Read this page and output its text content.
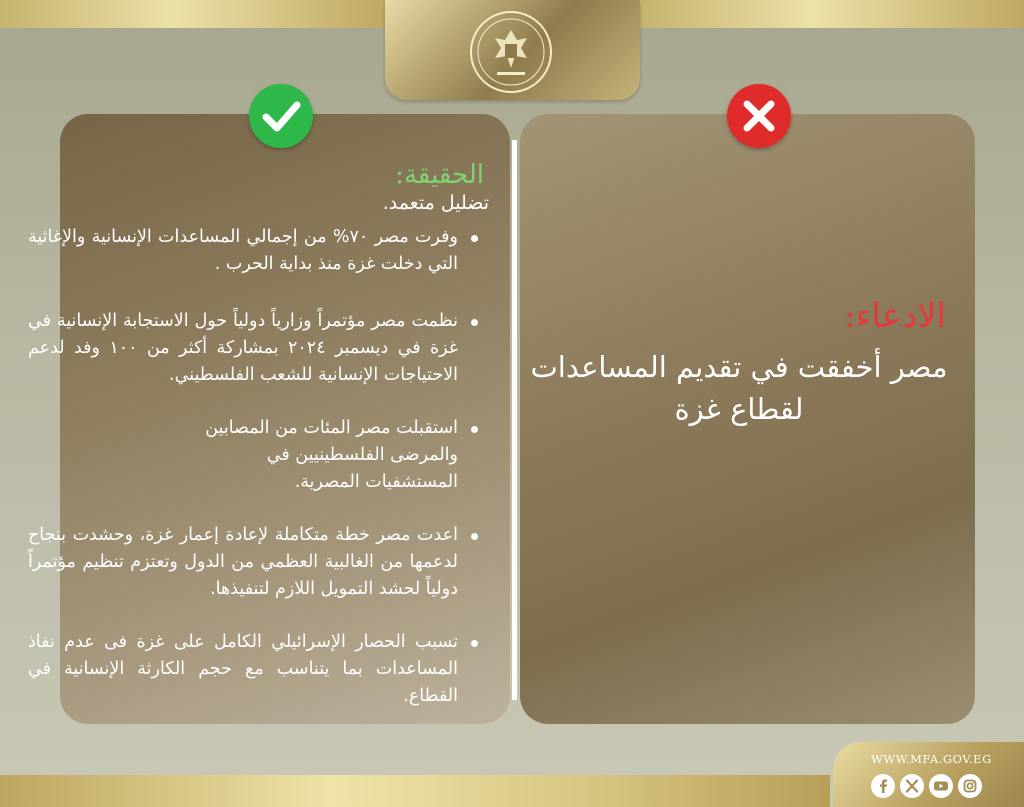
الحقيقة:
تضليل متعمد.
وفرت مصر ٧٠% من إجمالي المساعدات الإنسانية والإغاثية التي دخلت غزة منذ بداية الحرب .
نظمت مصر مؤتمراً وزارياً دولياً حول الاستجابة الإنسانية في غزة في ديسمبر ٢٠٢٤ بمشاركة أكثر من ١٠٠ وفد لدعم الاحتياجات الإنسانية للشعب الفلسطيني.
استقبلت مصر المئات من المصابين والمرضى الفلسطينيين في المستشفيات المصرية.
اعدت مصر خطة متكاملة لإعادة إعمار غزة، وحشدت بنجاح لدعمها من الغالبية العظمي من الدول وتعتزم تنظيم مؤتمراً دولياً لحشد التمويل اللازم لتنفيذها.
تسبب الحصار الإسرائيلي الكامل على غزة فى عدم نفاذ المساعدات بما يتناسب مع حجم الكارثة الإنسانية في القطاع.
الادعاء:
مصر أخفقت في تقديم المساعدات لقطاع غزة
WWW.MFA.GOV.EG
